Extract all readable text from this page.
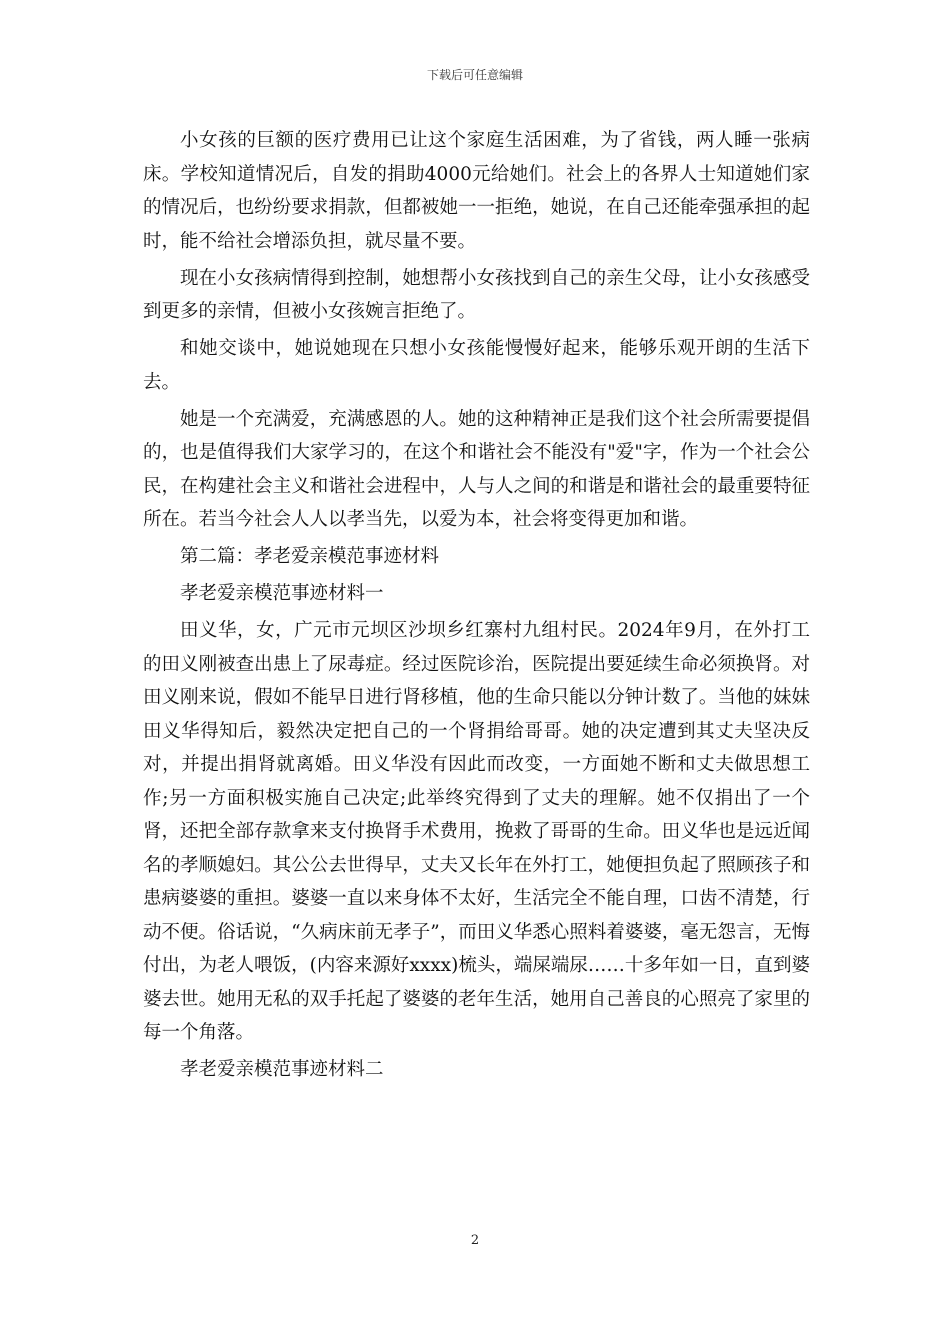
下载后可任意编辑

小女孩的巨额的医疗费用已让这个家庭生活困难，为了省钱，两人睡一张病床。学校知道情况后，自发的捐助4000元给她们。社会上的各界人士知道她们家的情况后，也纷纷要求捐款，但都被她一一拒绝，她说，在自己还能牵强承担的起时，能不给社会增添负担，就尽量不要。

现在小女孩病情得到控制，她想帮小女孩找到自己的亲生父母，让小女孩感受到更多的亲情，但被小女孩婉言拒绝了。

和她交谈中，她说她现在只想小女孩能慢慢好起来，能够乐观开朗的生活下去。

她是一个充满爱，充满感恩的人。她的这种精神正是我们这个社会所需要提倡的，也是值得我们大家学习的，在这个和谐社会不能没有"爱"字，作为一个社会公民，在构建社会主义和谐社会进程中，人与人之间的和谐是和谐社会的最重要特征所在。若当今社会人人以孝当先，以爱为本，社会将变得更加和谐。

第二篇：孝老爱亲模范事迹材料

孝老爱亲模范事迹材料一

田义华，女，广元市元坝区沙坝乡红寨村九组村民。2024年9月，在外打工的田义刚被查出患上了尿毒症。经过医院诊治，医院提出要延续生命必须换肾。对田义刚来说，假如不能早日进行肾移植，他的生命只能以分钟计数了。当他的妹妹田义华得知后，毅然决定把自己的一个肾捐给哥哥。她的决定遭到其丈夫坚决反对，并提出捐肾就离婚。田义华没有因此而改变，一方面她不断和丈夫做思想工作;另一方面积极实施自己决定;此举终究得到了丈夫的理解。她不仅捐出了一个肾，还把全部存款拿来支付换肾手术费用，挽救了哥哥的生命。田义华也是远近闻名的孝顺媳妇。其公公去世得早，丈夫又长年在外打工，她便担负起了照顾孩子和患病婆婆的重担。婆婆一直以来身体不太好，生活完全不能自理，口齿不清楚，行动不便。俗话说，“久病床前无孝子”，而田义华悉心照料着婆婆，毫无怨言，无悔付出，为老人喂饭，(内容来源好xxxx)梳头，端屎端尿……十多年如一日，直到婆婆去世。她用无私的双手托起了婆婆的老年生活，她用自己善良的心照亮了家里的每一个角落。

孝老爱亲模范事迹材料二

2
